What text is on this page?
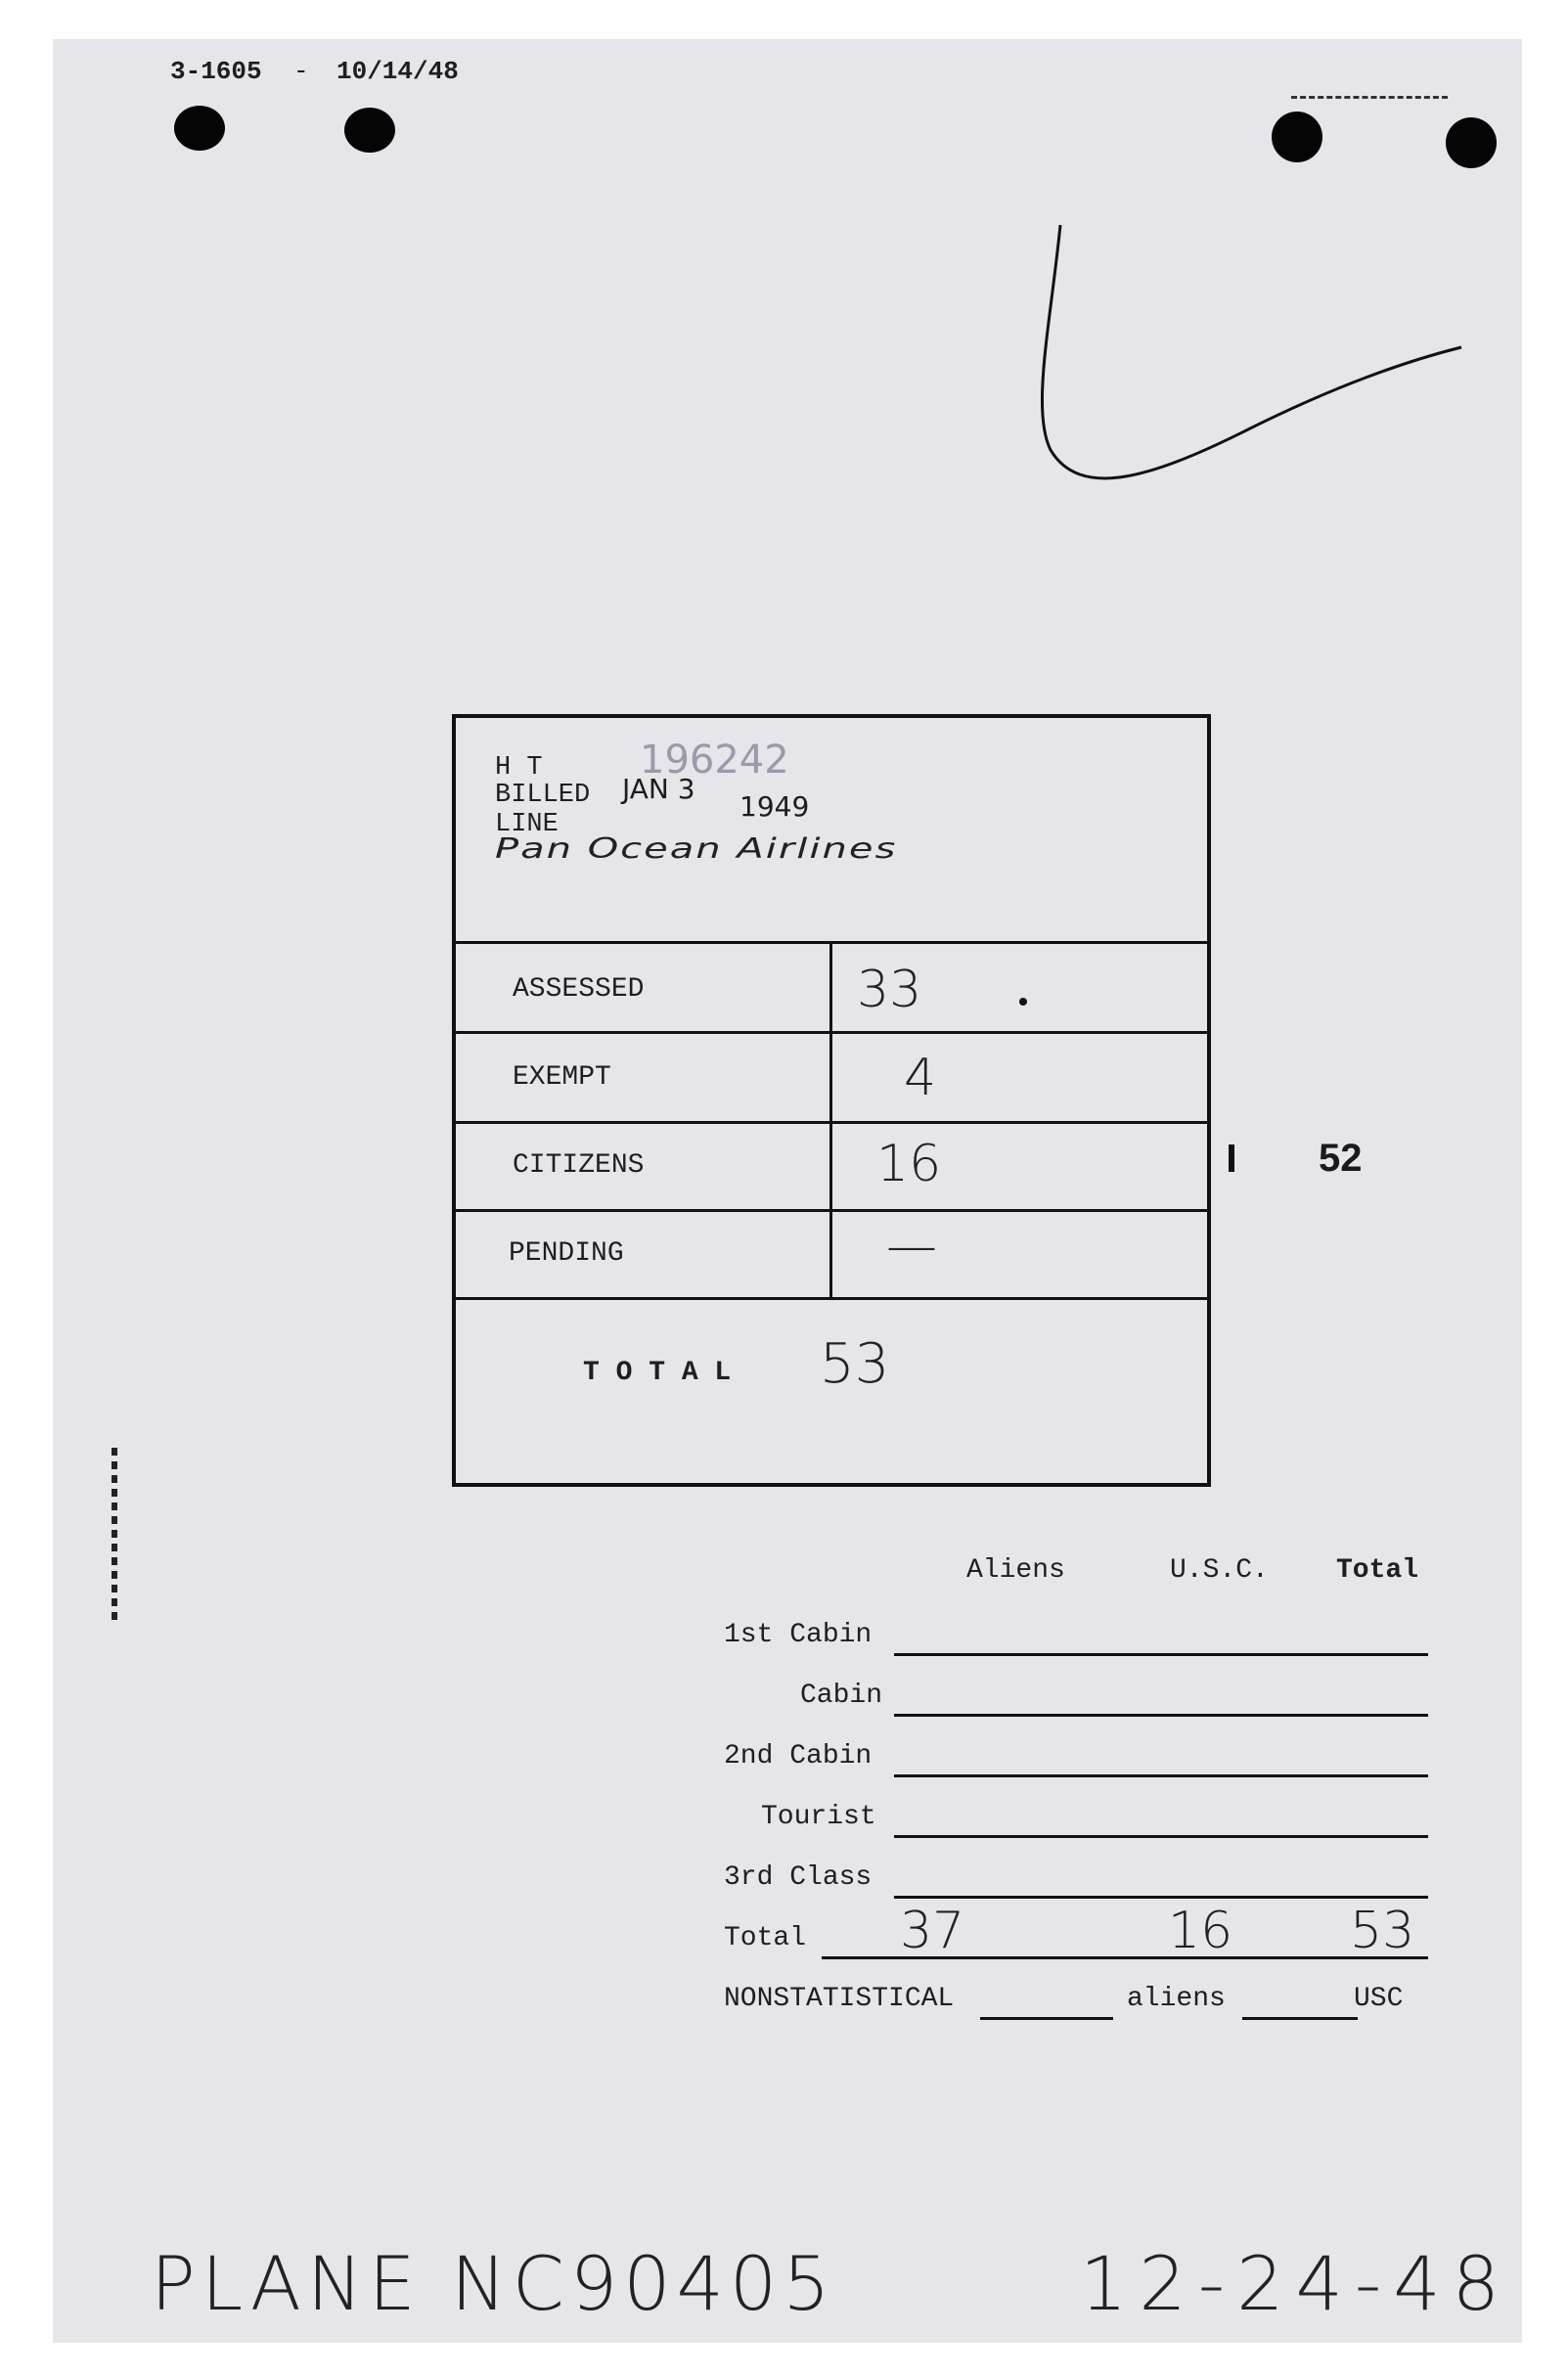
3-1605 - 10/14/48
H T
BILLED
LINE
196242
JAN 3
1949
Pan Ocean Airlines
ASSESSED	33
EXEMPT	4
CITIZENS	16
PENDING	—
T O T A L 53
52
Aliens	U.S.C. Total
1st Cabin
Cabin
2nd Cabin
Tourist
3rd Class
Total 37	16 53
NONSTATISTICAL	aliens	USC
PLANE NC90405	12-24-48
